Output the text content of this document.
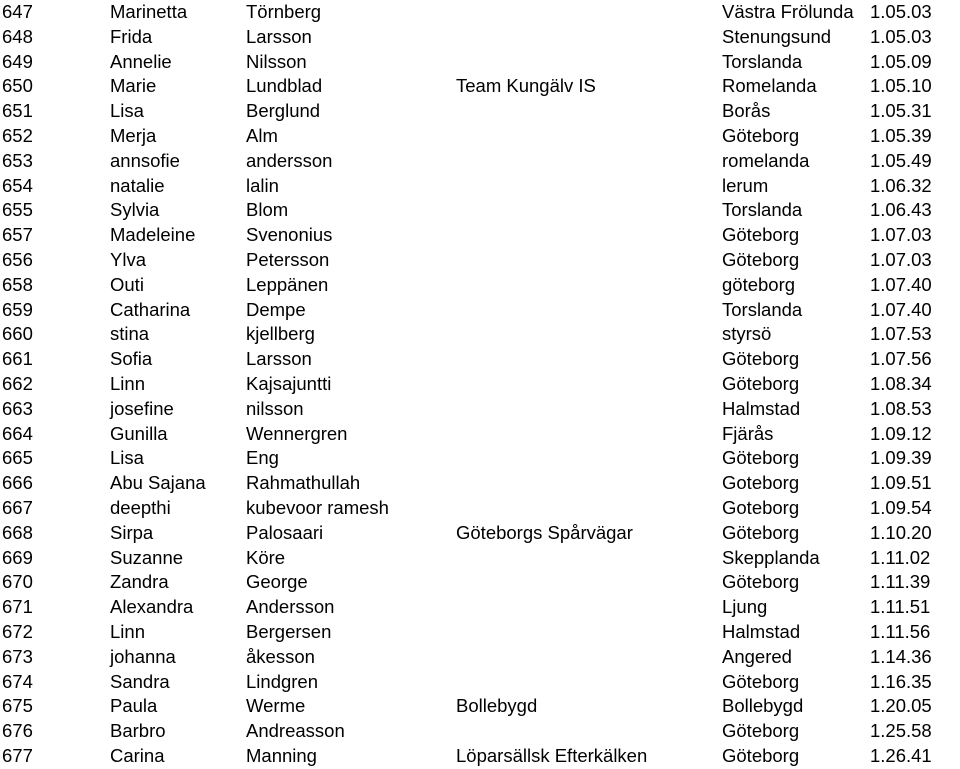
647	Marinetta	Törnberg		Västra Frölunda	1.05.03
648	Frida	Larsson		Stenungsund	1.05.03
649	Annelie	Nilsson		Torslanda	1.05.09
650	Marie	Lundblad	Team Kungälv IS	Romelanda	1.05.10
651	Lisa	Berglund		Borås	1.05.31
652	Merja	Alm		Göteborg	1.05.39
653	annsofie	andersson		romelanda	1.05.49
654	natalie	lalin		lerum	1.06.32
655	Sylvia	Blom		Torslanda	1.06.43
657	Madeleine	Svenonius		Göteborg	1.07.03
656	Ylva	Petersson		Göteborg	1.07.03
658	Outi	Leppänen		göteborg	1.07.40
659	Catharina	Dempe		Torslanda	1.07.40
660	stina	kjellberg		styrsö	1.07.53
661	Sofia	Larsson		Göteborg	1.07.56
662	Linn	Kajsajuntti		Göteborg	1.08.34
663	josefine	nilsson		Halmstad	1.08.53
664	Gunilla	Wennergren		Fjärås	1.09.12
665	Lisa	Eng		Göteborg	1.09.39
666	Abu Sajana	Rahmathullah		Goteborg	1.09.51
667	deepthi	kubevoor ramesh		Goteborg	1.09.54
668	Sirpa	Palosaari	Göteborgs Spårvägar	Göteborg	1.10.20
669	Suzanne	Köre		Skepplanda	1.11.02
670	Zandra	George		Göteborg	1.11.39
671	Alexandra	Andersson		Ljung	1.11.51
672	Linn	Bergersen		Halmstad	1.11.56
673	johanna	åkesson		Angered	1.14.36
674	Sandra	Lindgren		Göteborg	1.16.35
675	Paula	Werme	Bollebygd	Bollebygd	1.20.05
676	Barbro	Andreasson		Göteborg	1.25.58
677	Carina	Manning	Löparsällsk Efterkälken	Göteborg	1.26.41
